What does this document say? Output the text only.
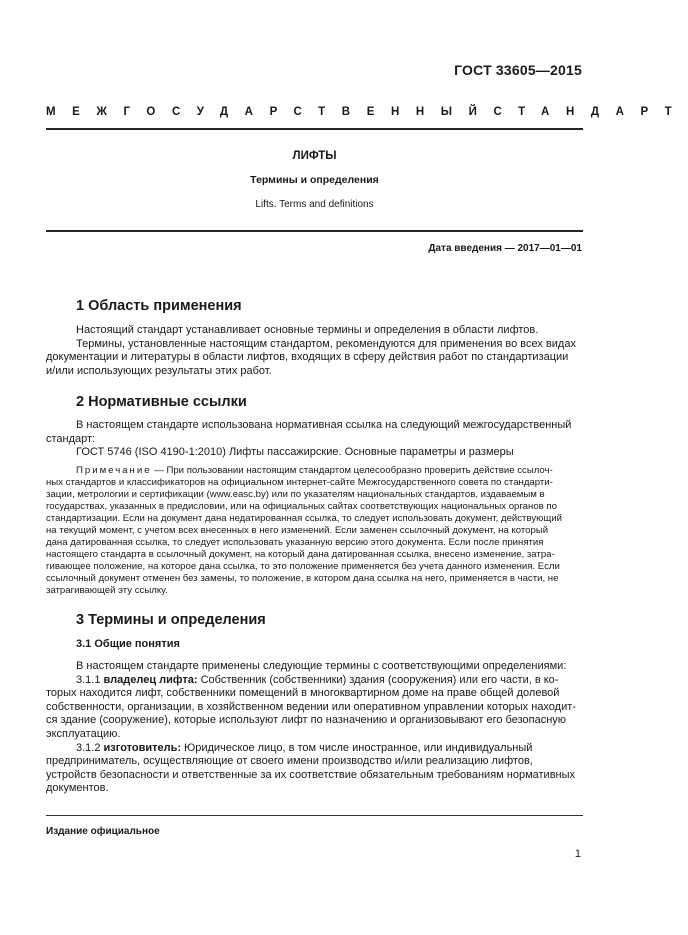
ГОСТ 33605—2015
МЕЖГОСУДАРСТВЕННЫЙ СТАНДАРТ
ЛИФТЫ
Термины и определения
Lifts. Terms and definitions
Дата введения — 2017—01—01
1 Область применения
Настоящий стандарт устанавливает основные термины и определения в области лифтов.
Термины, установленные настоящим стандартом, рекомендуются для применения во всех видах
документации и литературы в области лифтов, входящих в сферу действия работ по стандартизации
и/или использующих результаты этих работ.
2 Нормативные ссылки
В настоящем стандарте использована нормативная ссылка на следующий межгосударственный
стандарт:
ГОСТ 5746 (ISO 4190-1:2010) Лифты пассажирские. Основные параметры и размеры
Примечание — При пользовании настоящим стандартом целесообразно проверить действие ссылоч-
ных стандартов и классификаторов на официальном интернет-сайте Межгосударственного совета по стандарти-
зации, метрологии и сертификации (www.easc.by) или по указателям национальных стандартов, издаваемым в
государствах, указанных в предисловии, или на официальных сайтах соответствующих национальных органов по
стандартизации. Если на документ дана недатированная ссылка, то следует использовать документ, действующий
на текущий момент, с учетом всех внесенных в него изменений. Если заменен ссылочный документ, на который
дана датированная ссылка, то следует использовать указанную версию этого документа. Если после принятия
настоящего стандарта в ссылочный документ, на который дана датированная ссылка, внесено изменение, затра-
гивающее положение, на которое дана ссылка, то это положение применяется без учета данного изменения. Если
ссылочный документ отменен без замены, то положение, в котором дана ссылка на него, применяется в части, не
затрагивающей эту ссылку.
3 Термины и определения
3.1 Общие понятия
В настоящем стандарте применены следующие термины с соответствующими определениями:
3.1.1 владелец лифта: Собственник (собственники) здания (сооружения) или его части, в ко-
торых находится лифт, собственники помещений в многоквартирном доме на праве общей долевой
собственности, организации, в хозяйственном ведении или оперативном управлении которых находит-
ся здание (сооружение), которые используют лифт по назначению и организовывают его безопасную
эксплуатацию.
3.1.2 изготовитель: Юридическое лицо, в том числе иностранное, или индивидуальный
предприниматель, осуществляющие от своего имени производство и/или реализацию лифтов,
устройств безопасности и ответственные за их соответствие обязательным требованиям нормативных
документов.
Издание официальное
1
